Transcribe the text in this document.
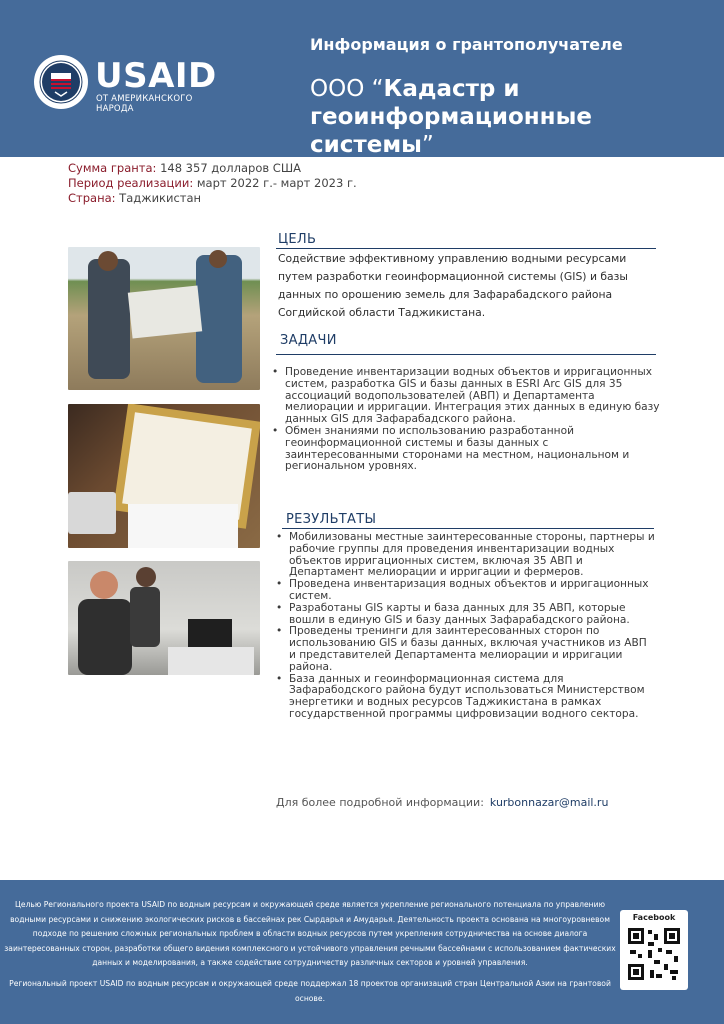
USAID
ОТ АМЕРИКАНСКОГО НАРОДА
Информация о грантополучателе
ООО “Кадастр и геоинформационные системы”
Сумма гранта: 148 357 долларов США
Период реализации: март 2022 г.- март 2023 г.
Страна: Таджикистан
ЦЕЛЬ
Содействие эффективному управлению водными ресурсами путем разработки геоинформационной системы (GIS) и базы данных по орошению земель для Зафарабадского района Согдийской области Таджикистана.
ЗАДАЧИ
• Проведение инвентаризации водных объектов и ирригационных систем, разработка GIS и базы данных в ESRI Arc GIS для 35 ассоциаций водопользователей (АВП) и Департамента мелиорации и ирригации. Интеграция этих данных в единую базу данных GIS для Зафарабадского района.
• Обмен знаниями по использованию разработанной геоинформационной системы и базы данных с заинтересованными сторонами на местном, национальном и региональном уровнях.
РЕЗУЛЬТАТЫ
• Мобилизованы местные заинтересованные стороны, партнеры и рабочие группы для проведения инвентаризации водных объектов ирригационных систем, включая 35 АВП и Департамент мелиорации и ирригации и фермеров.
• Проведена инвентаризация водных объектов и ирригационных систем.
• Разработаны GIS карты и база данных для 35 АВП, которые вошли в единую GIS и базу данных Зафарабадского района.
• Проведены тренинги для заинтересованных сторон по использованию GIS и базы данных, включая участников из АВП и представителей Департамента мелиорации и ирригации района.
• База данных и геоинформационная система для Зафарабодского района будут использоваться Министерством энергетики и водных ресурсов Таджикистана в рамках государственной программы цифровизации водного сектора.
Для более подробной информации: kurbonnazar@mail.ru
Целью Регионального проекта USAID по водным ресурсам и окружающей среде является укрепление регионального потенциала по управлению водными ресурсами и снижению экологических рисков в бассейнах рек Сырдарья и Амударья. Деятельность проекта основана на многоуровневом подходе по решению сложных региональных проблем в области водных ресурсов путем укрепления сотрудничества на основе диалога заинтересованных сторон, разработки общего видения комплексного и устойчивого управления речными бассейнами с использованием фактических данных и моделирования, а также содействие сотрудничеству различных секторов и уровней управления.
Региональный проект USAID по водным ресурсам и окружающей среде поддержал 18 проектов организаций стран Центральной Азии на грантовой основе.
Facebook
